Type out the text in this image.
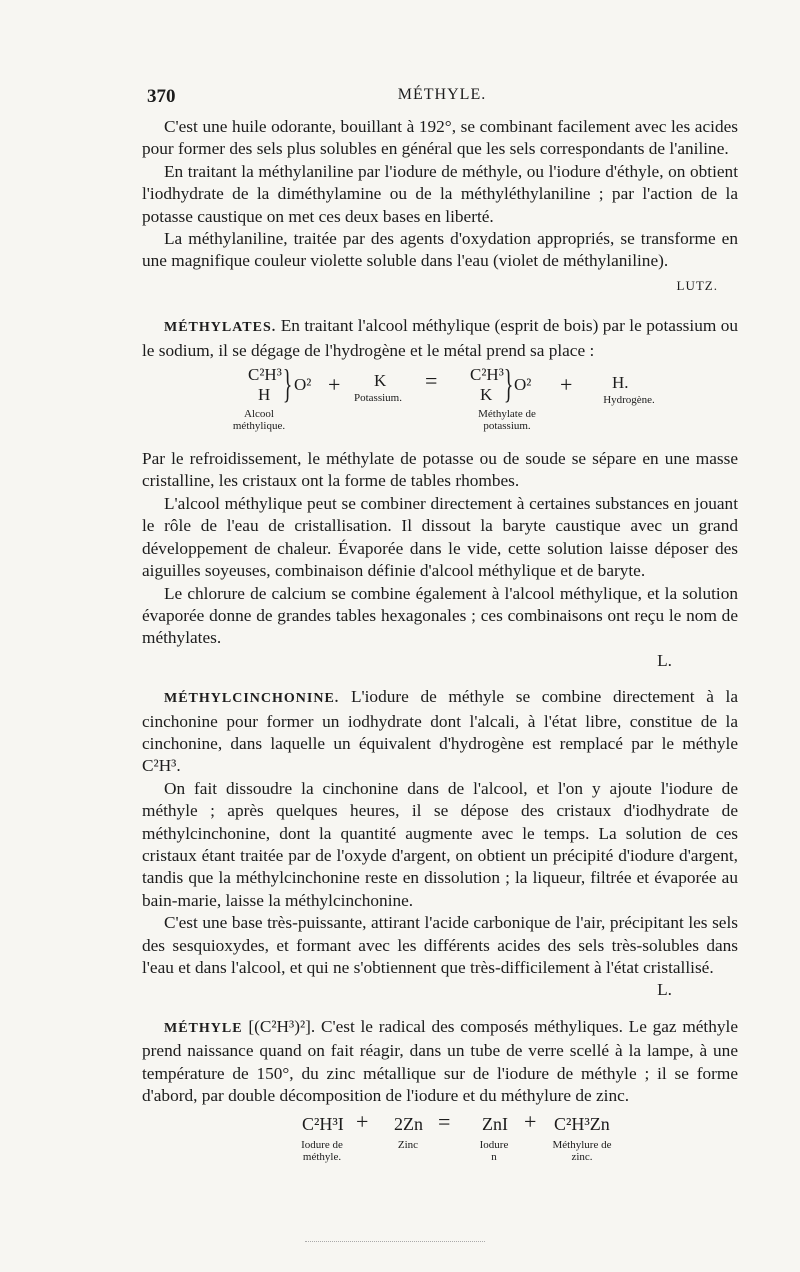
370	MÉTHYLE.

C'est une huile odorante, bouillant à 192°, se combinant facilement avec les acides pour former des sels plus solubles en général que les sels correspondants de l'aniline.

En traitant la méthylaniline par l'iodure de méthyle, ou l'iodure d'éthyle, on obtient l'iodhydrate de la diméthylamine ou de la méthyléthylaniline ; par l'action de la potasse caustique on met ces deux bases en liberté.

La méthylaniline, traitée par des agents d'oxydation appropriés, se transforme en une magnifique couleur violette soluble dans l'eau (violet de méthylaniline).

LUTZ.

MÉTHYLATES. En traitant l'alcool méthylique (esprit de bois) par le potassium ou le sodium, il se dégage de l'hydrogène et le métal prend sa place :

C²H³
H } O² + K = C²H³
K } O² + H.
Alcool méthylique.
Potassium.
Méthylate de potassium.
Hydrogène.

Par le refroidissement, le méthylate de potasse ou de soude se sépare en une masse cristalline, les cristaux ont la forme de tables rhombes.

L'alcool méthylique peut se combiner directement à certaines substances en jouant le rôle de l'eau de cristallisation. Il dissout la baryte caustique avec un grand développement de chaleur. Évaporée dans le vide, cette solution laisse déposer des aiguilles soyeuses, combinaison définie d'alcool méthylique et de baryte.

Le chlorure de calcium se combine également à l'alcool méthylique, et la solution évaporée donne de grandes tables hexagonales ; ces combinaisons ont reçu le nom de méthylates.

L.

MÉTHYLCINCHONINE. L'iodure de méthyle se combine directement à la cinchonine pour former un iodhydrate dont l'alcali, à l'état libre, constitue de la cinchonine, dans laquelle un équivalent d'hydrogène est remplacé par le méthyle C²H³.

On fait dissoudre la cinchonine dans de l'alcool, et l'on y ajoute l'iodure de méthyle ; après quelques heures, il se dépose des cristaux d'iodhydrate de méthylcinchonine, dont la quantité augmente avec le temps. La solution de ces cristaux étant traitée par de l'oxyde d'argent, on obtient un précipité d'iodure d'argent, tandis que la méthylcinchonine reste en dissolution ; la liqueur, filtrée et évaporée au bain-marie, laisse la méthylcinchonine.

C'est une base très-puissante, attirant l'acide carbonique de l'air, précipitant les sels des sesquioxydes, et formant avec les différents acides des sels très-solubles dans l'eau et dans l'alcool, et qui ne s'obtiennent que très-difficilement à l'état cristallisé.

L.

MÉTHYLE [(C²H³)²]. C'est le radical des composés méthyliques. Le gaz méthyle prend naissance quand on fait réagir, dans un tube de verre scellé à la lampe, à une température de 150°, du zinc métallique sur de l'iodure de méthyle ; il se forme d'abord, par double décomposition de l'iodure et du méthylure de zinc.

C²H³I + 2Zn = ZnI + C²H³Zn
Iodure de méthyle.
Zinc	Iodure
n
Méthylure de zinc.
